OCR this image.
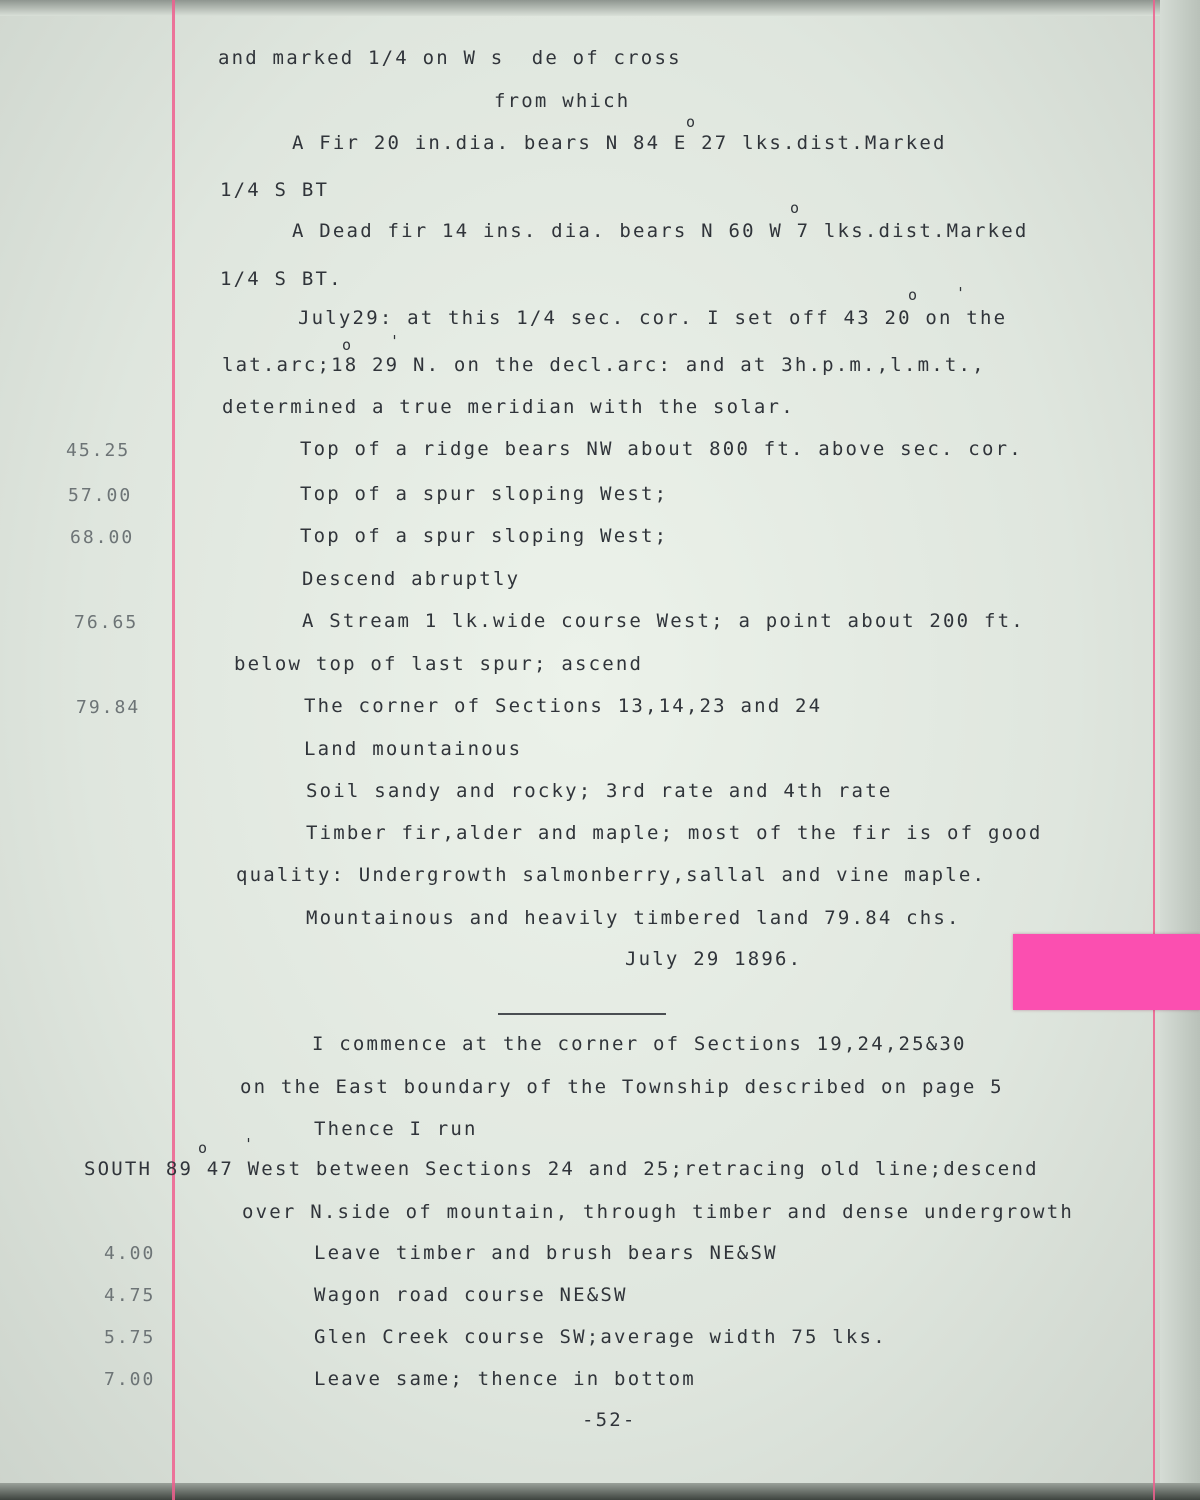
and marked 1/4 on W s  de of cross
from which
A Fir 20 in.dia. bears N 84 E 27 lks.dist.Marked
1/4 S BT
A Dead fir 14 ins. dia. bears N 60 W 7 lks.dist.Marked
1/4 S BT.
July29: at this 1/4 sec. cor. I set off 43 20 on the
lat.arc;18 29 N. on the decl.arc: and at 3h.p.m.,l.m.t.,
determined a true meridian with the solar.
Top of a ridge bears NW about 800 ft. above sec. cor.
Top of a spur sloping West;
Top of a spur sloping West;
Descend abruptly
A Stream 1 lk.wide course West; a point about 200 ft.
below top of last spur; ascend
The corner of Sections 13,14,23 and 24
Land mountainous
Soil sandy and rocky; 3rd rate and 4th rate
Timber fir,alder and maple; most of the fir is of good
quality: Undergrowth salmonberry,sallal and vine maple.
Mountainous and heavily timbered land 79.84 chs.
I commence at the corner of Sections 19,24,25&30
on the East boundary of the Township described on page 5
Thence I run
SOUTH 89 47 West between Sections 24 and 25;retracing old line;descend
over N.side of mountain, through timber and dense undergrowth
Leave timber and brush bears NE&SW
Wagon road course NE&SW
Glen Creek course SW;average width 75 lks.
Leave same; thence in bottom
45.25
57.00
68.00
76.65
79.84
4.00
4.75
5.75
7.00
o
o
o	'
o	'
o '
July 29 1896.
-52-
